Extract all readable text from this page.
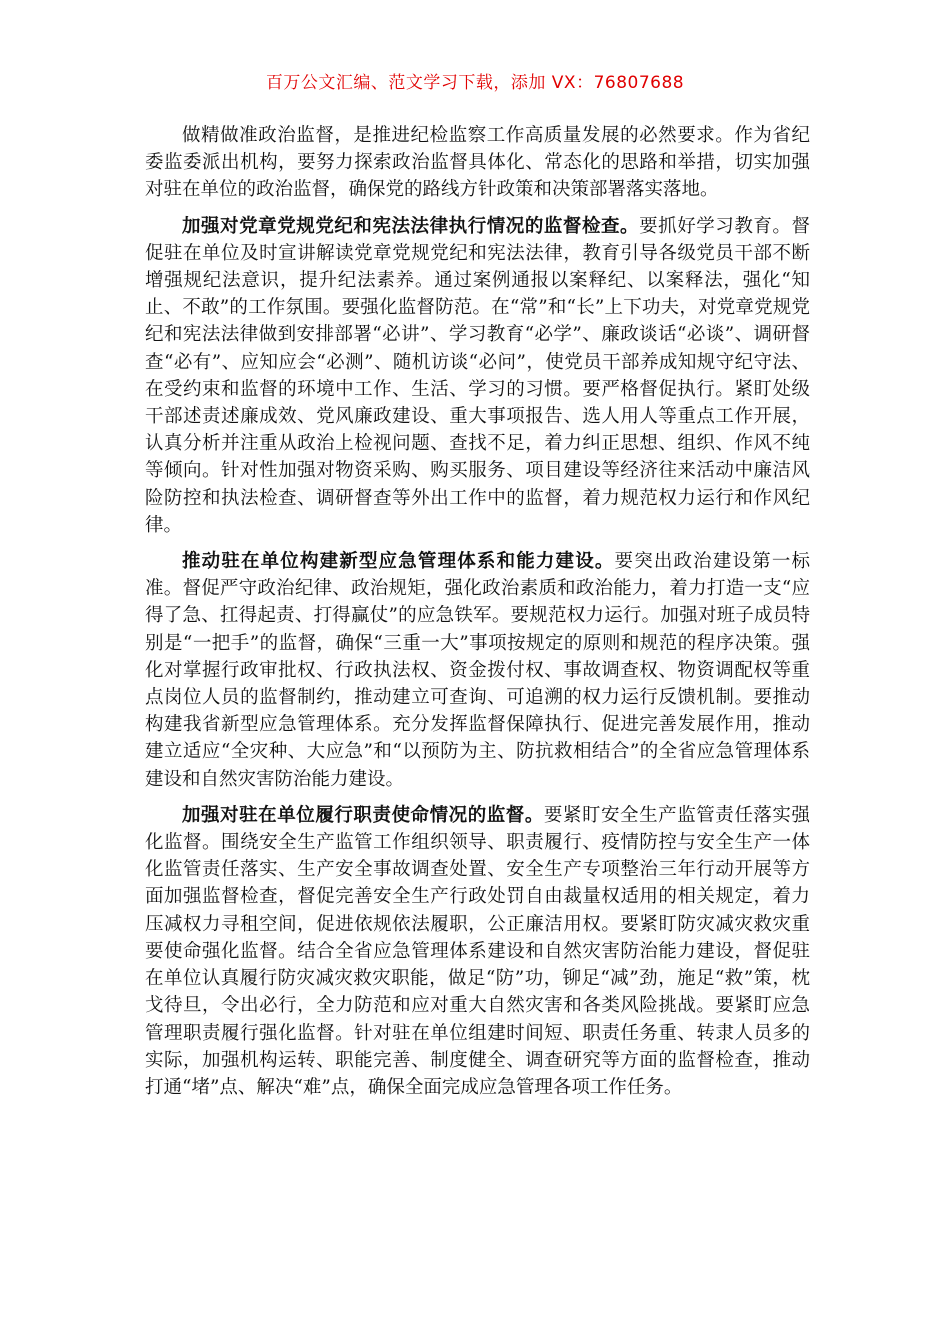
百万公文汇编、范文学习下载，添加 VX：76807688

做精做准政治监督，是推进纪检监察工作高质量发展的必然要求。作为省纪委监委派出机构，要努力探索政治监督具体化、常态化的思路和举措，切实加强对驻在单位的政治监督，确保党的路线方针政策和决策部署落实落地。

加强对党章党规党纪和宪法法律执行情况的监督检查。要抓好学习教育。督促驻在单位及时宣讲解读党章党规党纪和宪法法律，教育引导各级党员干部不断增强规纪法意识，提升纪法素养。通过案例通报以案释纪、以案释法，强化“知止、不敢”的工作氛围。要强化监督防范。在“常”和“长”上下功夫，对党章党规党纪和宪法法律做到安排部署“必讲”、学习教育“必学”、廉政谈话“必谈”、调研督查“必有”、应知应会“必测”、随机访谈“必问”，使党员干部养成知规守纪守法、在受约束和监督的环境中工作、生活、学习的习惯。要严格督促执行。紧盯处级干部述责述廉成效、党风廉政建设、重大事项报告、选人用人等重点工作开展，认真分析并注重从政治上检视问题、查找不足，着力纠正思想、组织、作风不纯等倾向。针对性加强对物资采购、购买服务、项目建设等经济往来活动中廉洁风险防控和执法检查、调研督查等外出工作中的监督，着力规范权力运行和作风纪律。

推动驻在单位构建新型应急管理体系和能力建设。要突出政治建设第一标准。督促严守政治纪律、政治规矩，强化政治素质和政治能力，着力打造一支“应得了急、扛得起责、打得赢仗”的应急铁军。要规范权力运行。加强对班子成员特别是“一把手”的监督，确保“三重一大”事项按规定的原则和规范的程序决策。强化对掌握行政审批权、行政执法权、资金拨付权、事故调查权、物资调配权等重点岗位人员的监督制约，推动建立可查询、可追溯的权力运行反馈机制。要推动构建我省新型应急管理体系。充分发挥监督保障执行、促进完善发展作用，推动建立适应“全灾种、大应急”和“以预防为主、防抗救相结合”的全省应急管理体系建设和自然灾害防治能力建设。

加强对驻在单位履行职责使命情况的监督。要紧盯安全生产监管责任落实强化监督。围绕安全生产监管工作组织领导、职责履行、疫情防控与安全生产一体化监管责任落实、生产安全事故调查处置、安全生产专项整治三年行动开展等方面加强监督检查，督促完善安全生产行政处罚自由裁量权适用的相关规定，着力压减权力寻租空间，促进依规依法履职，公正廉洁用权。要紧盯防灾减灾救灾重要使命强化监督。结合全省应急管理体系建设和自然灾害防治能力建设，督促驻在单位认真履行防灾减灾救灾职能，做足“防”功，铆足“减”劲，施足“救”策，枕戈待旦，令出必行，全力防范和应对重大自然灾害和各类风险挑战。要紧盯应急管理职责履行强化监督。针对驻在单位组建时间短、职责任务重、转隶人员多的实际，加强机构运转、职能完善、制度健全、调查研究等方面的监督检查，推动打通“堵”点、解决“难”点，确保全面完成应急管理各项工作任务。
